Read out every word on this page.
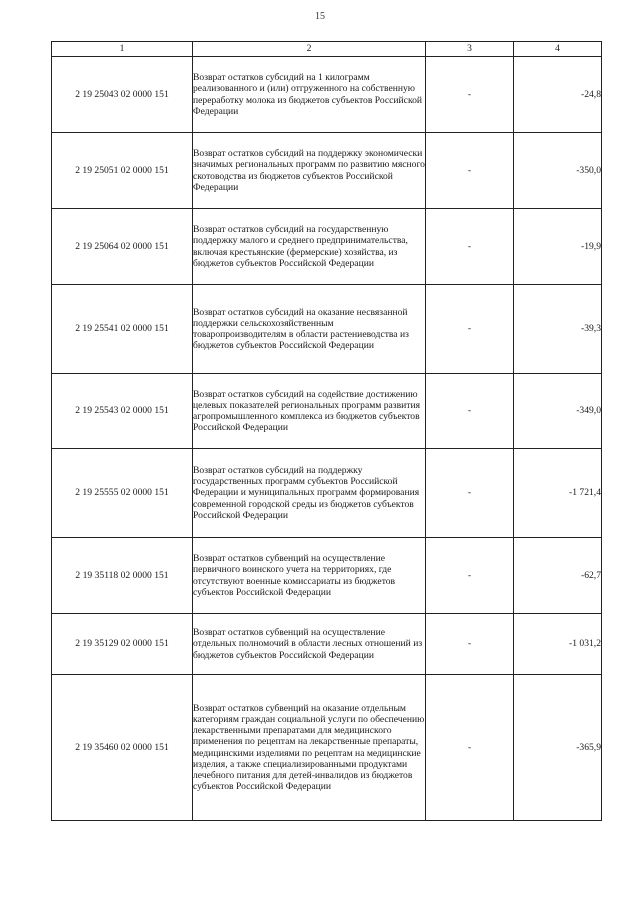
15
1	2	3	4
2 19 25043 02 0000 151	Возврат остатков субсидий на 1 килограмм реализованного и (или) отгруженного на собственную переработку молока из бюджетов субъектов Российской Федерации	-	-24,8
2 19 25051 02 0000 151	Возврат остатков субсидий на поддержку экономически значимых региональных программ по развитию мясного скотоводства из бюджетов субъектов Российской Федерации	-	-350,0
2 19 25064 02 0000 151	Возврат остатков субсидий на государственную поддержку малого и среднего предпринимательства, включая крестьянские (фермерские) хозяйства, из бюджетов субъектов Российской Федерации	-	-19,9
2 19 25541 02 0000 151	Возврат остатков субсидий на оказание несвязанной поддержки сельскохозяйственным товаропроизводителям в области растениеводства из бюджетов субъектов Российской Федерации	-	-39,3
2 19 25543 02 0000 151	Возврат остатков субсидий на содействие достижению целевых показателей региональных программ развития агропромышленного комплекса из бюджетов субъектов Российской Федерации	-	-349,0
2 19 25555 02 0000 151	Возврат остатков субсидий на поддержку государственных программ субъектов Российской Федерации и муниципальных программ формирования современной городской среды из бюджетов субъектов Российской Федерации	-	-1 721,4
2 19 35118 02 0000 151	Возврат остатков субвенций на осуществление первичного воинского учета на территориях, где отсутствуют военные комиссариаты из бюджетов субъектов Российской Федерации	-	-62,7
2 19 35129 02 0000 151	Возврат остатков субвенций на осуществление отдельных полномочий в области лесных отношений из бюджетов субъектов Российской Федерации	-	-1 031,2
2 19 35460 02 0000 151	Возврат остатков субвенций на оказание отдельным категориям граждан социальной услуги по обеспечению лекарственными препаратами для медицинского применения по рецептам на лекарственные препараты, медицинскими изделиями по рецептам на медицинские изделия, а также специализированными продуктами лечебного питания для детей-инвалидов из бюджетов субъектов Российской Федерации	-	-365,9
